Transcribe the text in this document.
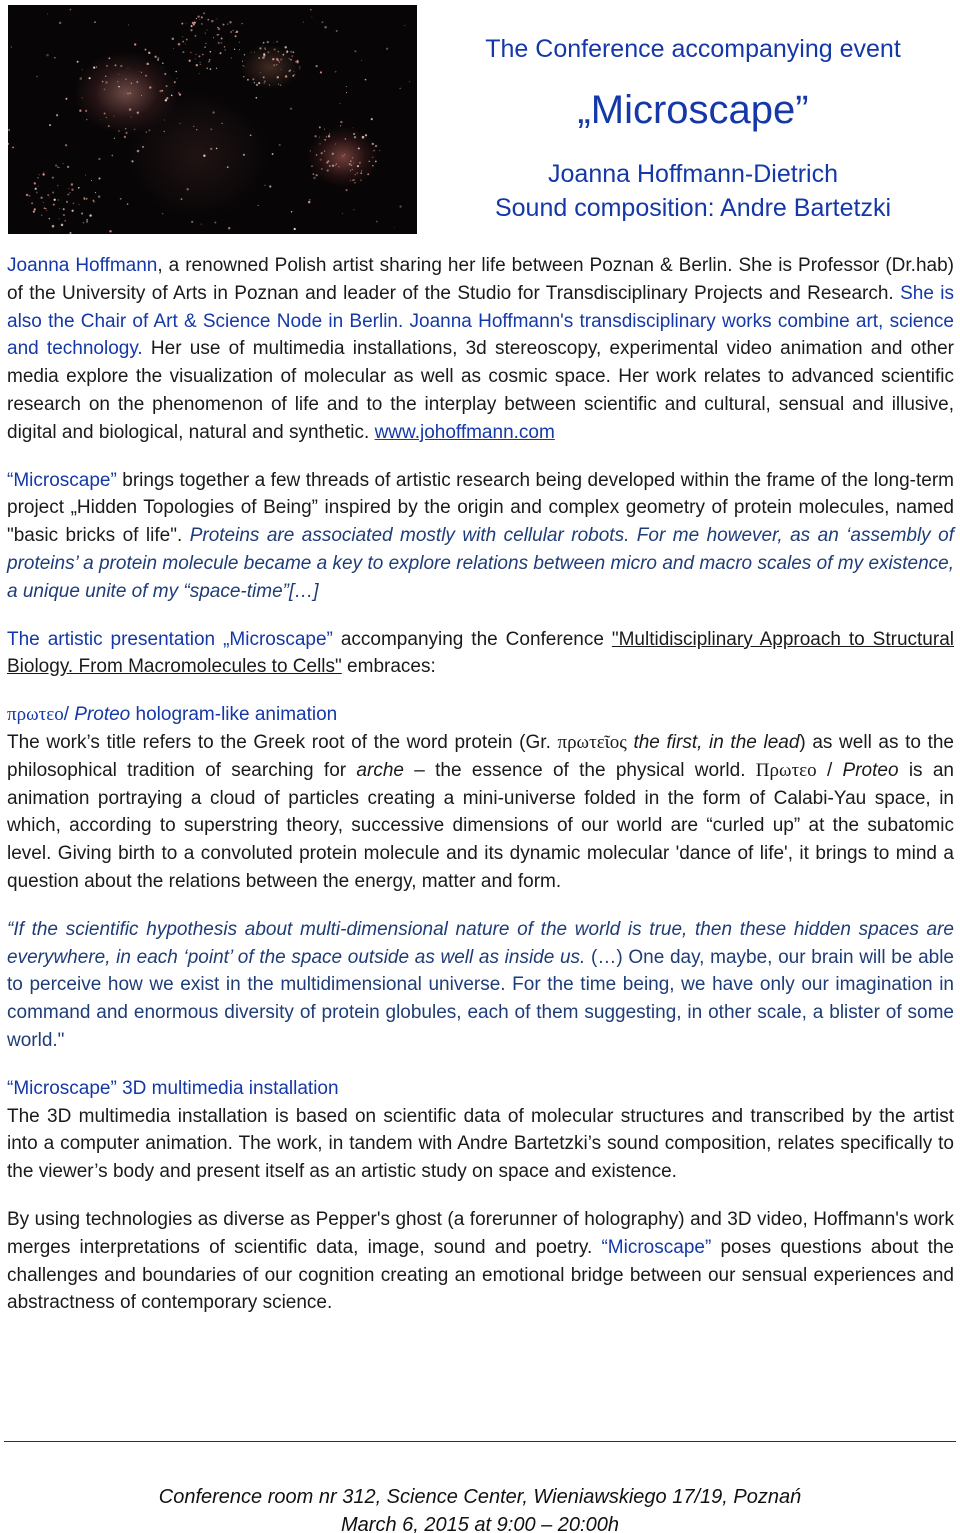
The Conference accompanying event
„Microscape”
Joanna Hoffmann-Dietrich
Sound composition: Andre Bartetzki

Joanna Hoffmann, a renowned Polish artist sharing her life between Poznan & Berlin. She is Professor (Dr.hab) of the University of Arts in Poznan and leader of the Studio for Transdisciplinary Projects and Research. She is also the Chair of Art & Science Node in Berlin. Joanna Hoffmann's transdisciplinary works combine art, science and technology. Her use of multimedia installations, 3d stereoscopy, experimental video animation and other media explore the visualization of molecular as well as cosmic space. Her work relates to advanced scientific research on the phenomenon of life and to the interplay between scientific and cultural, sensual and illusive, digital and biological, natural and synthetic. www.johoffmann.com

“Microscape” brings together a few threads of artistic research being developed within the frame of the long-term project „Hidden Topologies of Being” inspired by the origin and complex geometry of protein molecules, named "basic bricks of life". Proteins are associated mostly with cellular robots. For me however, as an ‘assembly of proteins’ a protein molecule became a key to explore relations between micro and macro scales of my existence, a unique unite of my “space-time”[…]

The artistic presentation „Microscape” accompanying the Conference "Multidisciplinary Approach to Structural Biology. From Macromolecules to Cells" embraces:

πρωτεο/ Proteo hologram-like animation

The work’s title refers to the Greek root of the word protein (Gr. πρωτεῖος the first, in the lead) as well as to the philosophical tradition of searching for arche – the essence of the physical world. Πρωτεο / Proteo is an animation portraying a cloud of particles creating a mini-universe folded in the form of Calabi-Yau space, in which, according to superstring theory, successive dimensions of our world are “curled up” at the subatomic level. Giving birth to a convoluted protein molecule and its dynamic molecular 'dance of life', it brings to mind a question about the relations between the energy, matter and form.

“If the scientific hypothesis about multi-dimensional nature of the world is true, then these hidden spaces are everywhere, in each ‘point’ of the space outside as well as inside us. (…) One day, maybe, our brain will be able to perceive how we exist in the multidimensional universe. For the time being, we have only our imagination in command and enormous diversity of protein globules, each of them suggesting, in other scale, a blister of some world."

“Microscape” 3D multimedia installation

The 3D multimedia installation is based on scientific data of molecular structures and transcribed by the artist into a computer animation. The work, in tandem with Andre Bartetzki’s sound composition, relates specifically to the viewer’s body and present itself as an artistic study on space and existence.

By using technologies as diverse as Pepper's ghost (a forerunner of holography) and 3D video, Hoffmann's work merges interpretations of scientific data, image, sound and poetry. “Microscape” poses questions about the challenges and boundaries of our cognition creating an emotional bridge between our sensual experiences and abstractness of contemporary science.

Conference room nr 312, Science Center, Wieniawskiego 17/19, Poznań
March 6, 2015 at 9:00 – 20:00h
